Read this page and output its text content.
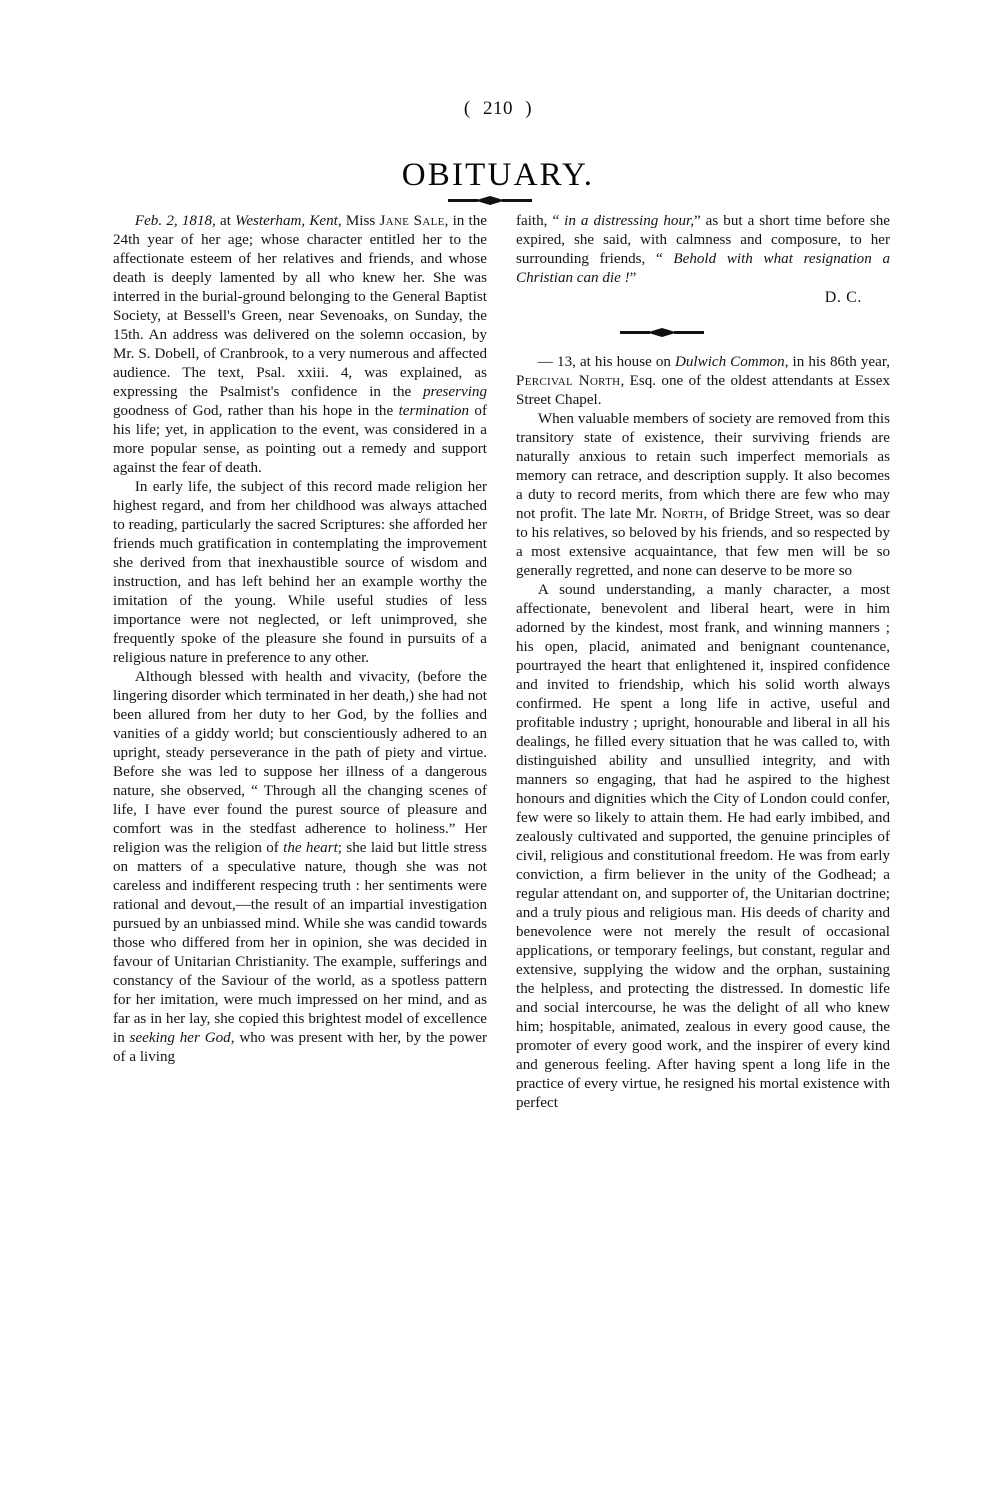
( 210 )
OBITUARY.

Feb. 2, 1818, at Westerham, Kent, Miss Jane Sale, in the 24th year of her age; whose character entitled her to the affectionate esteem of her relatives and friends, and whose death is deeply lamented by all who knew her. She was interred in the burial-ground belonging to the General Baptist Society, at Bessell's Green, near Sevenoaks, on Sunday, the 15th. An address was delivered on the solemn occasion, by Mr. S. Dobell, of Cranbrook, to a very numerous and affected audience. The text, Psal. xxiii. 4, was explained, as expressing the Psalmist's confidence in the preserving goodness of God, rather than his hope in the termination of his life; yet, in application to the event, was considered in a more popular sense, as pointing out a remedy and support against the fear of death.

In early life, the subject of this record made religion her highest regard, and from her childhood was always attached to reading, particularly the sacred Scriptures: she afforded her friends much gratification in contemplating the improvement she derived from that inexhaustible source of wisdom and instruction, and has left behind her an example worthy the imitation of the young. While useful studies of less importance were not neglected, or left unimproved, she frequently spoke of the pleasure she found in pursuits of a religious nature in preference to any other.

Although blessed with health and vivacity, (before the lingering disorder which terminated in her death,) she had not been allured from her duty to her God, by the follies and vanities of a giddy world; but conscientiously adhered to an upright, steady perseverance in the path of piety and virtue. Before she was led to suppose her illness of a dangerous nature, she observed, “ Through all the changing scenes of life, I have ever found the purest source of pleasure and comfort was in the stedfast adherence to holiness.” Her religion was the religion of the heart; she laid but little stress on matters of a speculative nature, though she was not careless and indifferent respecing truth : her sentiments were rational and devout,—the result of an impartial investigation pursued by an unbiassed mind. While she was candid towards those who differed from her in opinion, she was decided in favour of Unitarian Christianity. The example, sufferings and constancy of the Saviour of the world, as a spotless pattern for her imitation, were much impressed on her mind, and as far as in her lay, she copied this brightest model of excellence in seeking her God, who was present with her, by the power of a living

faith, “ in a distressing hour,” as but a short time before she expired, she said, with calmness and composure, to her surrounding friends, “ Behold with what resignation a Christian can die !”

D. C.

— 13, at his house on Dulwich Common, in his 86th year, Percival North, Esq. one of the oldest attendants at Essex Street Chapel.

When valuable members of society are removed from this transitory state of existence, their surviving friends are naturally anxious to retain such imperfect memorials as memory can retrace, and description supply. It also becomes a duty to record merits, from which there are few who may not profit. The late Mr. North, of Bridge Street, was so dear to his relatives, so beloved by his friends, and so respected by a most extensive acquaintance, that few men will be so generally regretted, and none can deserve to be more so

A sound understanding, a manly character, a most affectionate, benevolent and liberal heart, were in him adorned by the kindest, most frank, and winning manners ; his open, placid, animated and benignant countenance, pourtrayed the heart that enlightened it, inspired confidence and invited to friendship, which his solid worth always confirmed. He spent a long life in active, useful and profitable industry ; upright, honourable and liberal in all his dealings, he filled every situation that he was called to, with distinguished ability and unsullied integrity, and with manners so engaging, that had he aspired to the highest honours and dignities which the City of London could confer, few were so likely to attain them. He had early imbibed, and zealously cultivated and supported, the genuine principles of civil, religious and constitutional freedom. He was from early conviction, a firm believer in the unity of the Godhead; a regular attendant on, and supporter of, the Unitarian doctrine; and a truly pious and religious man. His deeds of charity and benevolence were not merely the result of occasional applications, or temporary feelings, but constant, regular and extensive, supplying the widow and the orphan, sustaining the helpless, and protecting the distressed. In domestic life and social intercourse, he was the delight of all who knew him; hospitable, animated, zealous in every good cause, the promoter of every good work, and the inspirer of every kind and generous feeling. After having spent a long life in the practice of every virtue, he resigned his mortal existence with perfect
